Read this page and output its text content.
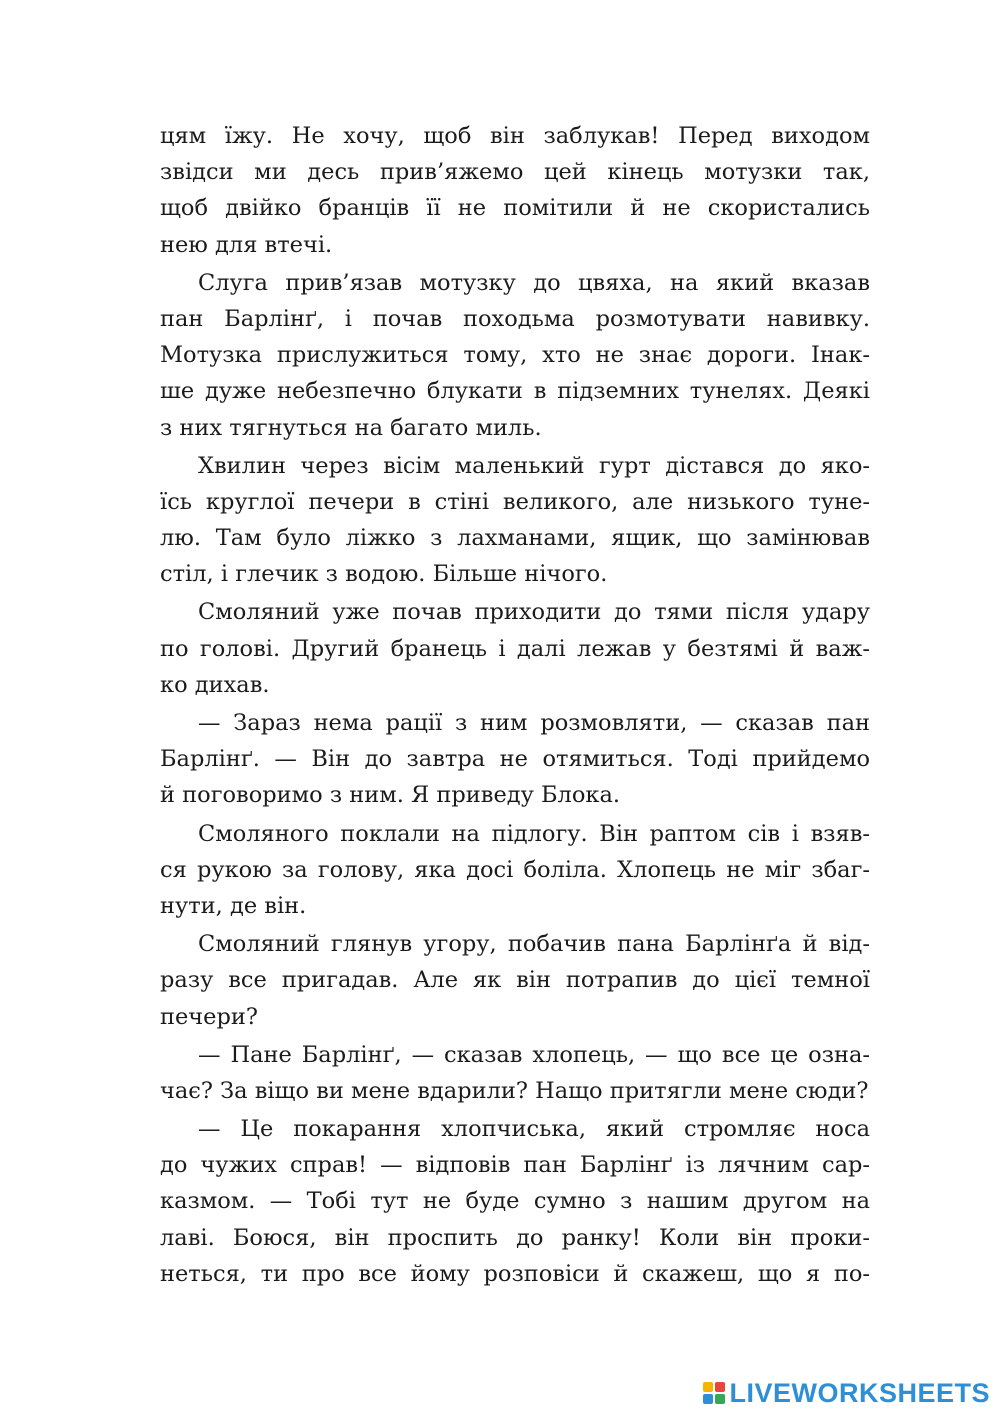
цям їжу. Не хочу, щоб він заблукав! Перед виходом
звідси ми десь прив’яжемо цей кінець мотузки так,
щоб двійко бранців її не помітили й не скористались
нею для втечі.
Слуга прив’язав мотузку до цвяха, на який вказав
пан Барлінґ, і почав походьма розмотувати навивку.
Мотузка прислужиться тому, хто не знає дороги. Інак-
ше дуже небезпечно блукати в підземних тунелях. Деякі
з них тягнуться на багато миль.
Хвилин через вісім маленький гурт дістався до яко-
їсь круглої печери в стіні великого, але низького туне-
лю. Там було ліжко з лахманами, ящик, що замінював
стіл, і глечик з водою. Більше нічого.
Смоляний уже почав приходити до тями після удару
по голові. Другий бранець і далі лежав у безтямі й важ-
ко дихав.
— Зараз нема рації з ним розмовляти, — сказав пан
Барлінґ. — Він до завтра не отямиться. Тоді прийдемо
й поговоримо з ним. Я приведу Блока.
Смоляного поклали на підлогу. Він раптом сів і взяв-
ся рукою за голову, яка досі боліла. Хлопець не міг збаг-
нути, де він.
Смоляний глянув угору, побачив пана Барлінґа й від-
разу все пригадав. Але як він потрапив до цієї темної
печери?
— Пане Барлінґ, — сказав хлопець, — що все це озна-
чає? За віщо ви мене вдарили? Нащо притягли мене сюди?
— Це покарання хлопчиська, який стромляє носа
до чужих справ! — відповів пан Барлінґ із лячним сар-
казмом. — Тобі тут не буде сумно з нашим другом на
лаві. Боюся, він проспить до ранку! Коли він проки-
неться, ти про все йому розповіси й скажеш, що я по-
LIVEWORKSHEETS
